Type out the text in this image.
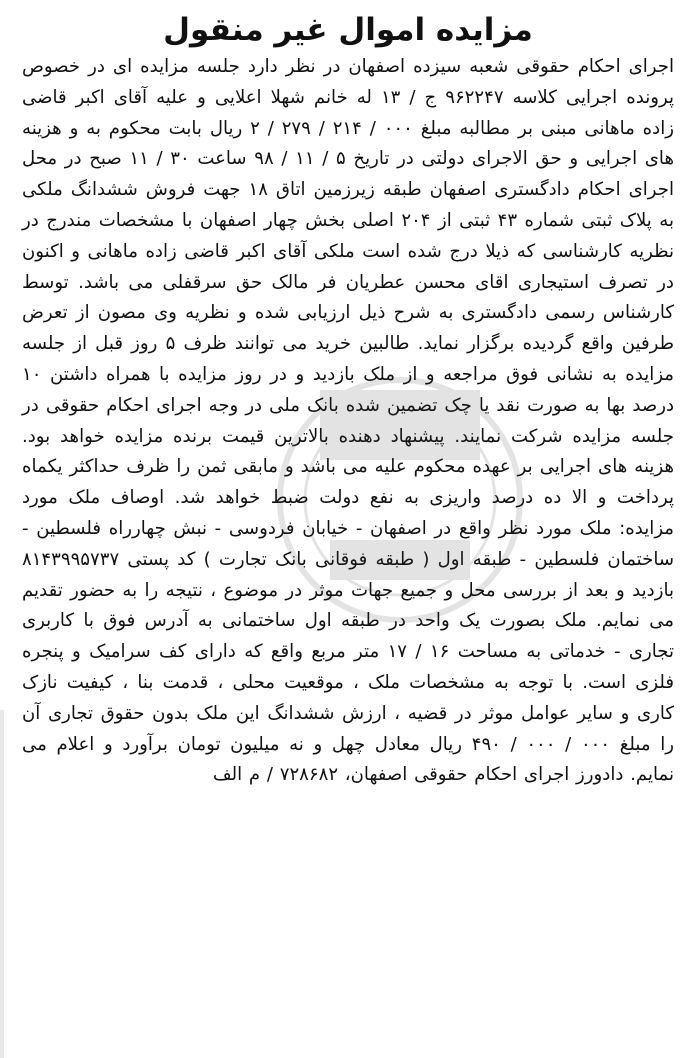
مزایده اموال غیر منقول

اجرای احکام حقوقی شعبه سیزده اصفهان در نظر دارد جلسه مزایده ای در خصوص پرونده اجرایی کلاسه ۹۶۲۲۴۷ ج / ۱۳ له خانم شهلا اعلایی و علیه آقای اکبر قاضی زاده ماهانی مبنی بر مطالبه مبلغ ۰۰۰ / ۲۱۴ / ۲۷۹ / ۲ ریال بابت محکوم به و هزینه های اجرایی و حق الاجرای دولتی در تاریخ ۵ / ۱۱ / ۹۸ ساعت ۳۰ / ۱۱ صبح در محل اجرای احکام دادگستری اصفهان طبقه زیرزمین اتاق ۱۸ جهت فروش ششدانگ ملکی به پلاک ثبتی شماره ۴۳ ثبتی از ۲۰۴ اصلی بخش چهار اصفهان با مشخصات مندرج در نظریه کارشناسی که ذیلا درج شده است ملکی آقای اکبر قاضی زاده ماهانی و اکنون در تصرف استیجاری اقای محسن عطریان فر مالک حق سرقفلی می باشد. توسط کارشناس رسمی دادگستری به شرح ذیل ارزیابی شده و نظریه وی مصون از تعرض طرفین واقع گردیده برگزار نماید. طالبین خرید می توانند ظرف ۵ روز قبل از جلسه مزایده به نشانی فوق مراجعه و از ملک بازدید و در روز مزایده با همراه داشتن ۱۰ درصد بها به صورت نقد یا چک تضمین شده بانک ملی در وجه اجرای احکام حقوقی در جلسه مزایده شرکت نمایند. پیشنهاد دهنده بالاترین قیمت برنده مزایده خواهد بود. هزینه های اجرایی بر عهده محکوم علیه می باشد و مابقی ثمن را ظرف حداکثر یکماه پرداخت و الا ده درصد واریزی به نفع دولت ضبط خواهد شد. اوصاف ملک مورد مزایده: ملک مورد نظر واقع در اصفهان - خیابان فردوسی - نبش چهارراه فلسطین - ساختمان فلسطین - طبقه اول ( طبقه فوقانی بانک تجارت ) کد پستی ۸۱۴۳۹۹۵۷۳۷ بازدید و بعد از بررسی محل و جمیع جهات موثر در موضوع ، نتیجه را به حضور تقدیم می نمایم. ملک بصورت یک واحد در طبقه اول ساختمانی به آدرس فوق با کاربری تجاری - خدماتی به مساحت ۱۶ / ۱۷ متر مربع واقع که دارای کف سرامیک و پنجره فلزی است. با توجه به مشخصات ملک ، موقعیت محلی ، قدمت بنا ، کیفیت نازک کاری و سایر عوامل موثر در قضیه ، ارزش ششدانگ این ملک بدون حقوق تجاری آن را مبلغ ۰۰۰ / ۰۰۰ / ۴۹۰ ریال معادل چهل و نه میلیون تومان برآورد و اعلام می نمایم. دادورز اجرای احکام حقوقی اصفهان، ۷۲۸۶۸۲ / م الف
